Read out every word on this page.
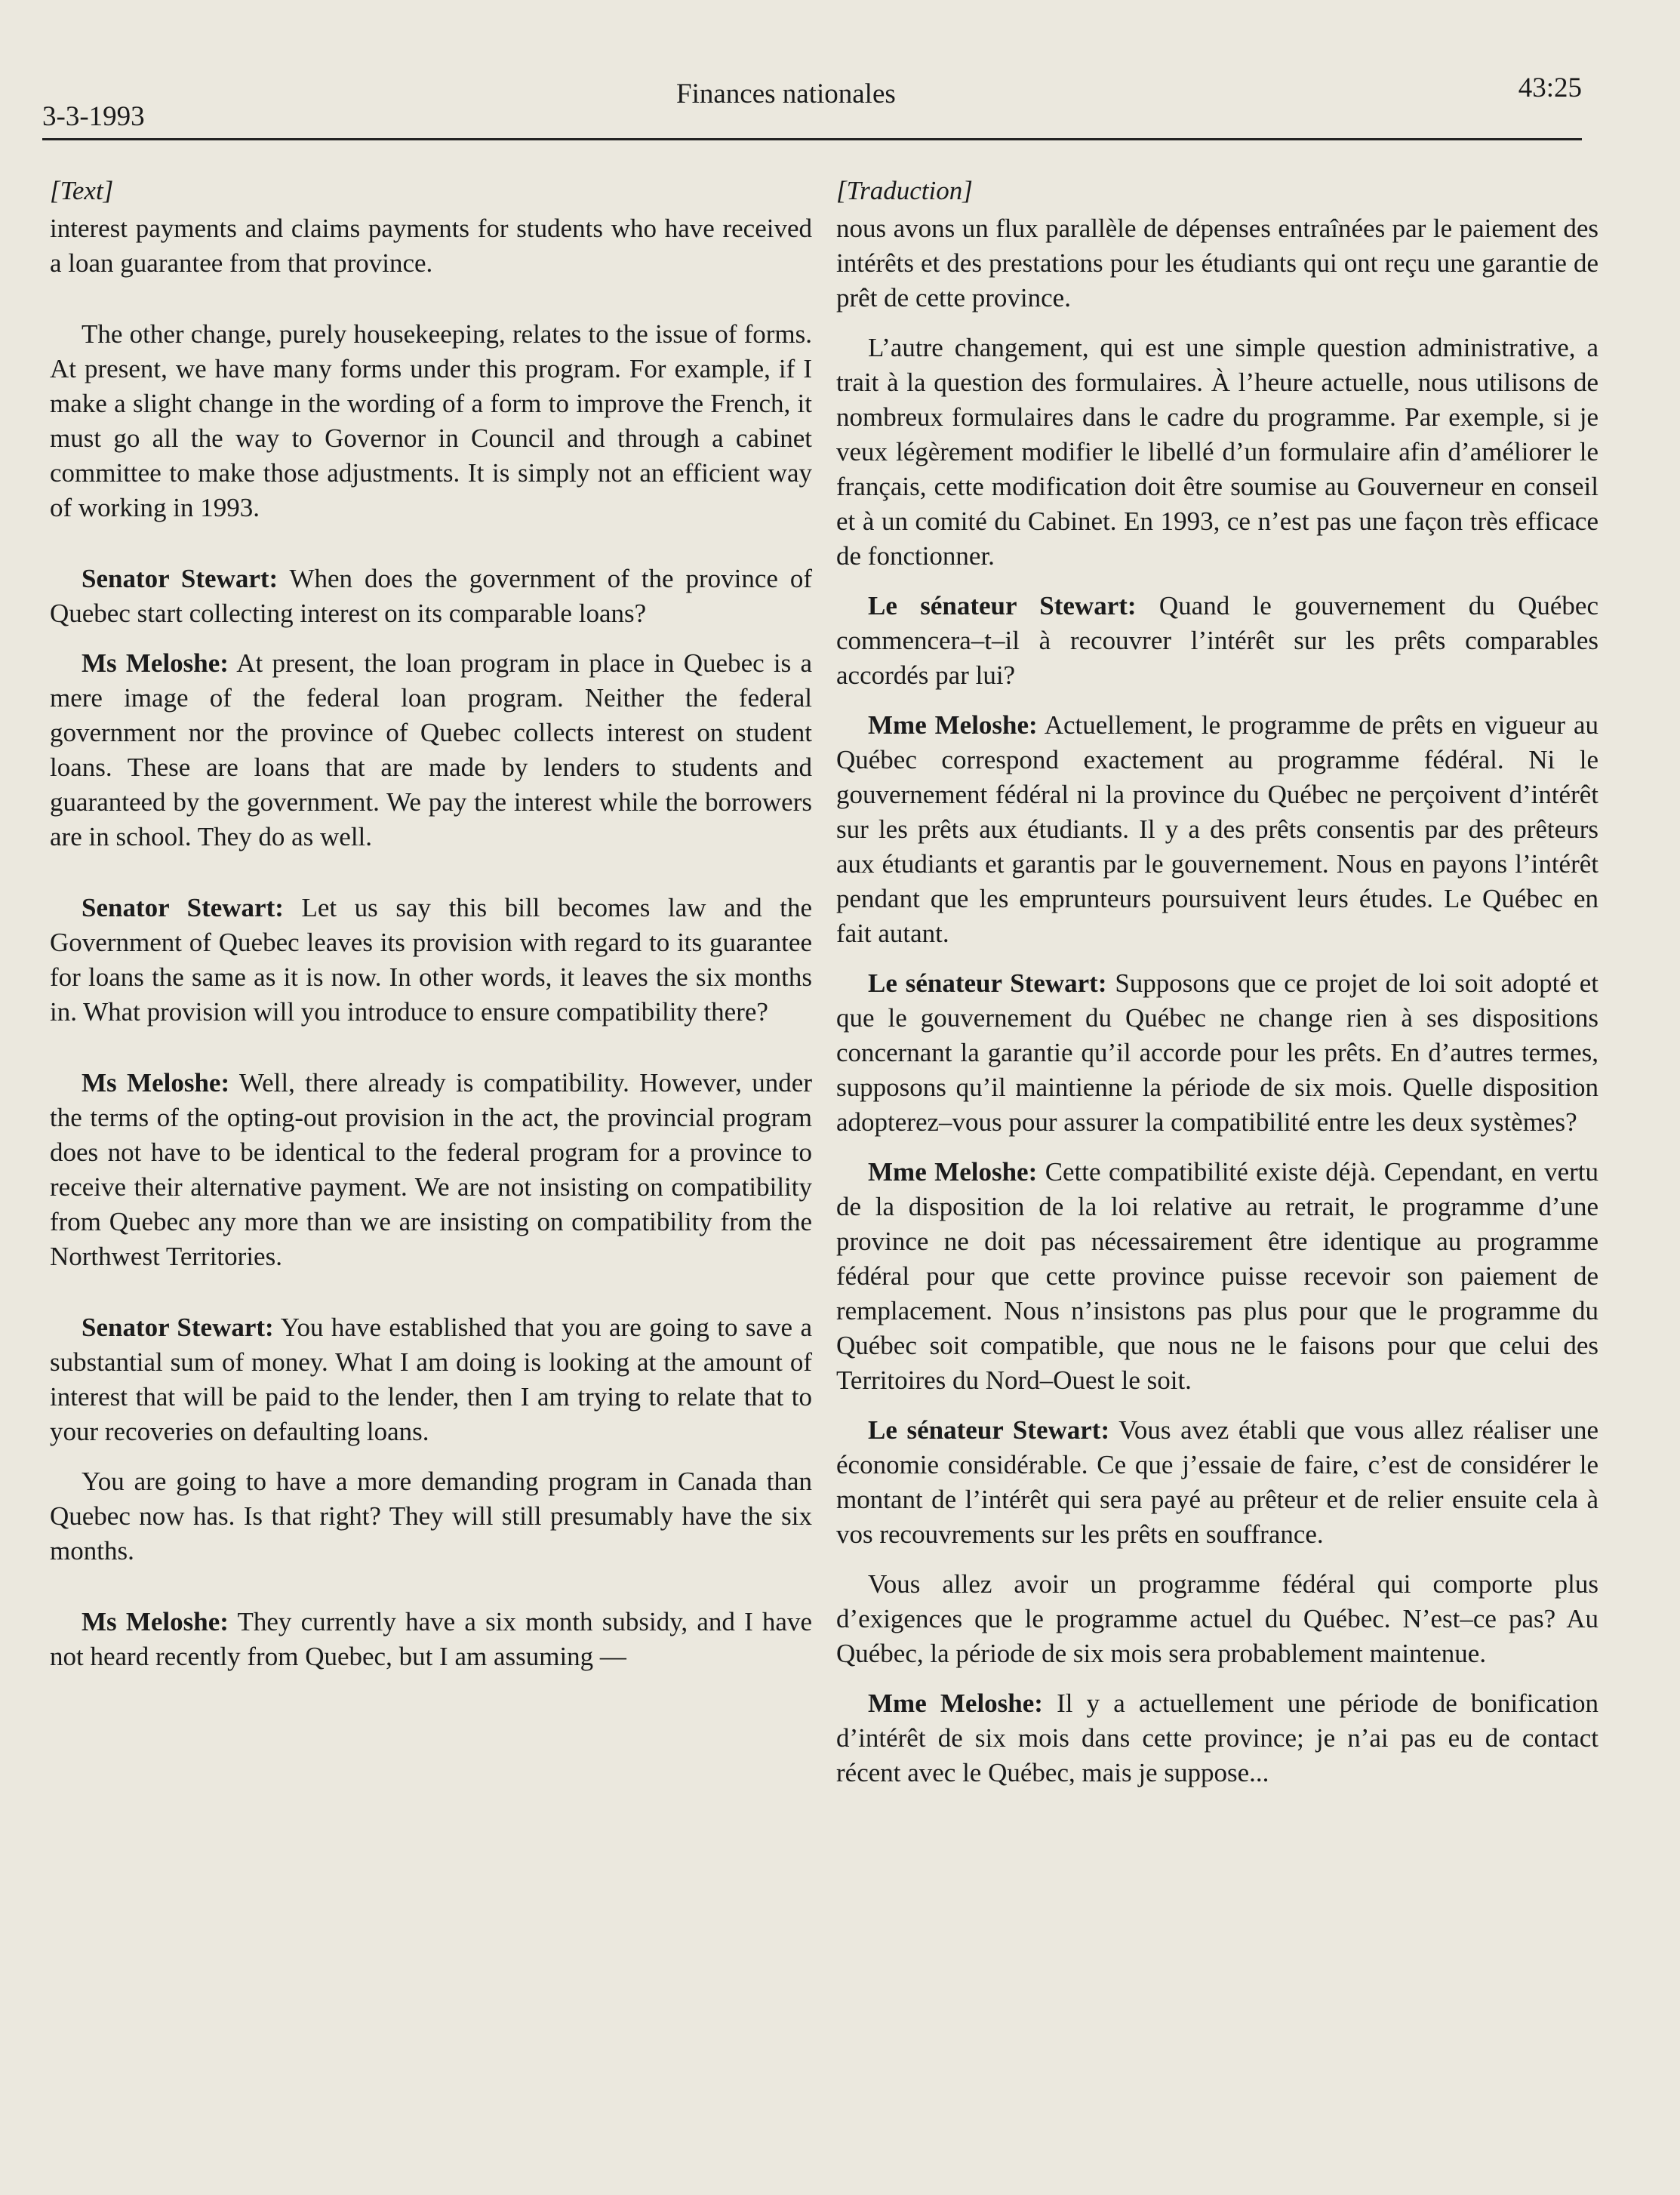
3-3-1993
Finances nationales	43:25
[Text]

interest payments and claims payments for students who have received a loan guarantee from that province.

The other change, purely housekeeping, relates to the issue of forms. At present, we have many forms under this program. For example, if I make a slight change in the wording of a form to improve the French, it must go all the way to Governor in Council and through a cabinet committee to make those adjustments. It is simply not an efficient way of working in 1993.

Senator Stewart: When does the government of the province of Quebec start collecting interest on its comparable loans?

Ms Meloshe: At present, the loan program in place in Quebec is a mere image of the federal loan program. Neither the federal government nor the province of Quebec collects interest on student loans. These are loans that are made by lenders to students and guaranteed by the government. We pay the interest while the borrowers are in school. They do as well.

Senator Stewart: Let us say this bill becomes law and the Government of Quebec leaves its provision with regard to its guarantee for loans the same as it is now. In other words, it leaves the six months in. What provision will you introduce to ensure compatibility there?

Ms Meloshe: Well, there already is compatibility. However, under the terms of the opting-out provision in the act, the provincial program does not have to be identical to the federal program for a province to receive their alternative payment. We are not insisting on compatibility from Quebec any more than we are insisting on compatibility from the Northwest Territories.

Senator Stewart: You have established that you are going to save a substantial sum of money. What I am doing is looking at the amount of interest that will be paid to the lender, then I am trying to relate that to your recoveries on defaulting loans.

You are going to have a more demanding program in Canada than Quebec now has. Is that right? They will still presumably have the six months.

Ms Meloshe: They currently have a six month subsidy, and I have not heard recently from Quebec, but I am assuming —

[Traduction]

nous avons un flux parallèle de dépenses entraînées par le paiement des intérêts et des prestations pour les étudiants qui ont reçu une garantie de prêt de cette province.

L’autre changement, qui est une simple question administrative, a trait à la question des formulaires. À l’heure actuelle, nous utilisons de nombreux formulaires dans le cadre du programme. Par exemple, si je veux légèrement modifier le libellé d’un formulaire afin d’améliorer le français, cette modification doit être soumise au Gouverneur en conseil et à un comité du Cabinet. En 1993, ce n’est pas une façon très efficace de fonctionner.

Le sénateur Stewart: Quand le gouvernement du Québec commencera–t–il à recouvrer l’intérêt sur les prêts comparables accordés par lui?

Mme Meloshe: Actuellement, le programme de prêts en vigueur au Québec correspond exactement au programme fédéral. Ni le gouvernement fédéral ni la province du Québec ne perçoivent d’intérêt sur les prêts aux étudiants. Il y a des prêts consentis par des prêteurs aux étudiants et garantis par le gouvernement. Nous en payons l’intérêt pendant que les emprunteurs poursuivent leurs études. Le Québec en fait autant.

Le sénateur Stewart: Supposons que ce projet de loi soit adopté et que le gouvernement du Québec ne change rien à ses dispositions concernant la garantie qu’il accorde pour les prêts. En d’autres termes, supposons qu’il maintienne la période de six mois. Quelle disposition adopterez–vous pour assurer la compatibilité entre les deux systèmes?

Mme Meloshe: Cette compatibilité existe déjà. Cependant, en vertu de la disposition de la loi relative au retrait, le programme d’une province ne doit pas nécessairement être identique au programme fédéral pour que cette province puisse recevoir son paiement de remplacement. Nous n’insistons pas plus pour que le programme du Québec soit compatible, que nous ne le faisons pour que celui des Territoires du Nord–Ouest le soit.

Le sénateur Stewart: Vous avez établi que vous allez réaliser une économie considérable. Ce que j’essaie de faire, c’est de considérer le montant de l’intérêt qui sera payé au prêteur et de relier ensuite cela à vos recouvrements sur les prêts en souffrance.

Vous allez avoir un programme fédéral qui comporte plus d’exigences que le programme actuel du Québec. N’est–ce pas? Au Québec, la période de six mois sera probablement maintenue.

Mme Meloshe: Il y a actuellement une période de bonification d’intérêt de six mois dans cette province; je n’ai pas eu de contact récent avec le Québec, mais je suppose...
